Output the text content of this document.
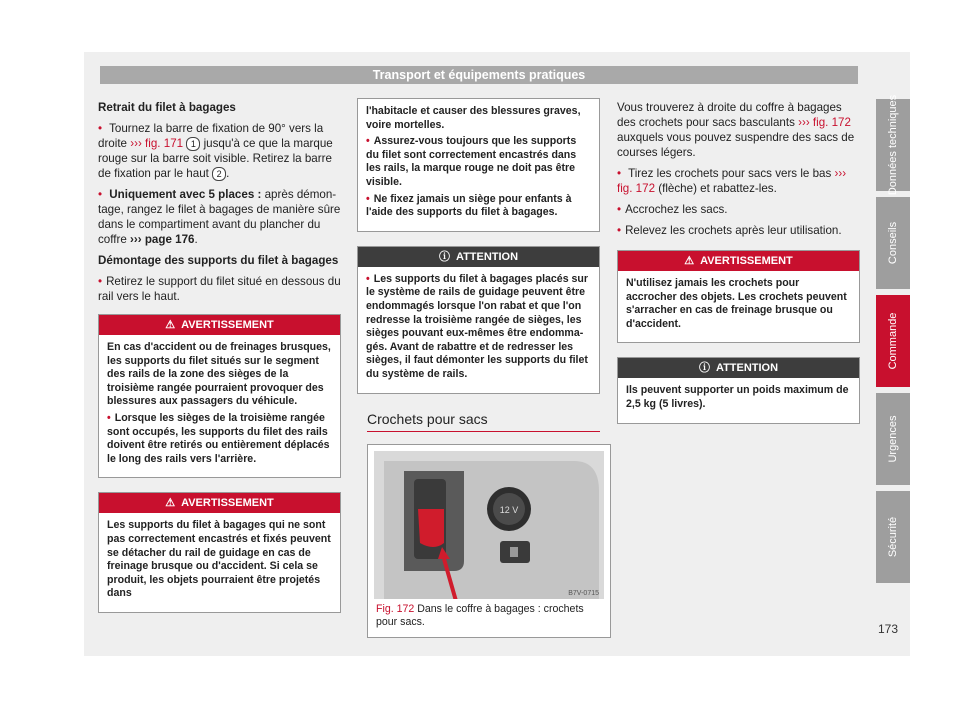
Transport et équipements pratiques

Retrait du filet à bagages

• Tournez la barre de fixation de 90° vers la droite ››› fig. 171 1 jusqu'à ce que la marque rouge sur la barre soit visible. Retirez la barre de fixation par le haut 2 .

• Uniquement avec 5 places : après démontage, rangez le filet à bagages de manière sûre dans le compartiment avant du plancher du coffre ››› page 176.

Démontage des supports du filet à bagages

• Retirez le support du filet situé en dessous du rail vers le haut.

⚠ AVERTISSEMENT

En cas d'accident ou de freinages brusques, les supports du filet situés sur le segment des rails de la zone des sièges de la troisième rangée pourraient provoquer des blessures aux passagers du véhicule.

• Lorsque les sièges de la troisième rangée sont occupés, les supports du filet des rails doivent être retirés ou entièrement déplacés le long des rails vers l'arrière.

⚠ AVERTISSEMENT

Les supports du filet à bagages qui ne sont pas correctement encastrés et fixés peuvent se détacher du rail de guidage en cas de freinage brusque ou d'accident. Si cela se produit, les objets pourraient être projetés dans

l'habitacle et causer des blessures graves, voire mortelles.

• Assurez-vous toujours que les supports du filet sont correctement encastrés dans les rails, la marque rouge ne doit pas être visible.

• Ne fixez jamais un siège pour enfants à l'aide des supports du filet à bagages.

ⓘ ATTENTION

• Les supports du filet à bagages placés sur le système de rails de guidage peuvent être endommagés lorsque l'on rabat et que l'on redresse la troisième rangée de sièges, les sièges pouvant eux-mêmes être endommagés. Avant de rabattre et de redresser les sièges, il faut démonter les supports du filet du système de rails.

Crochets pour sacs
12 V
B7V-0715
Fig. 172 Dans le coffre à bagages : crochets pour sacs.

Vous trouverez à droite du coffre à bagages des crochets pour sacs basculants ››› fig. 172 auxquels vous pouvez suspendre des sacs de courses légers.

• Tirez les crochets pour sacs vers le bas ››› fig. 172 (flèche) et rabattez-les.

• Accrochez les sacs.

• Relevez les crochets après leur utilisation.

⚠ AVERTISSEMENT

N'utilisez jamais les crochets pour accrocher des objets. Les crochets peuvent s'arracher en cas de freinage brusque ou d'accident.

ⓘ ATTENTION

Ils peuvent supporter un poids maximum de 2,5 kg (5 livres).

Données techniques
Conseils
Commande
Urgences
Sécurité
173
